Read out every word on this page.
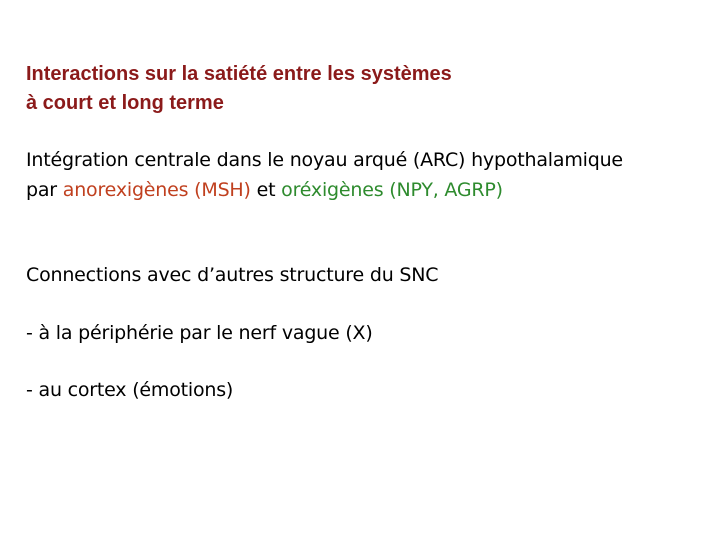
Interactions sur la satiété entre les systèmes
à court et long terme
Intégration centrale dans le noyau arqué (ARC) hypothalamique
par anorexigènes (MSH) et oréxigènes (NPY, AGRP)
Connections avec d’autres structure du SNC
- à la périphérie par le nerf vague (X)
- au cortex (émotions)
